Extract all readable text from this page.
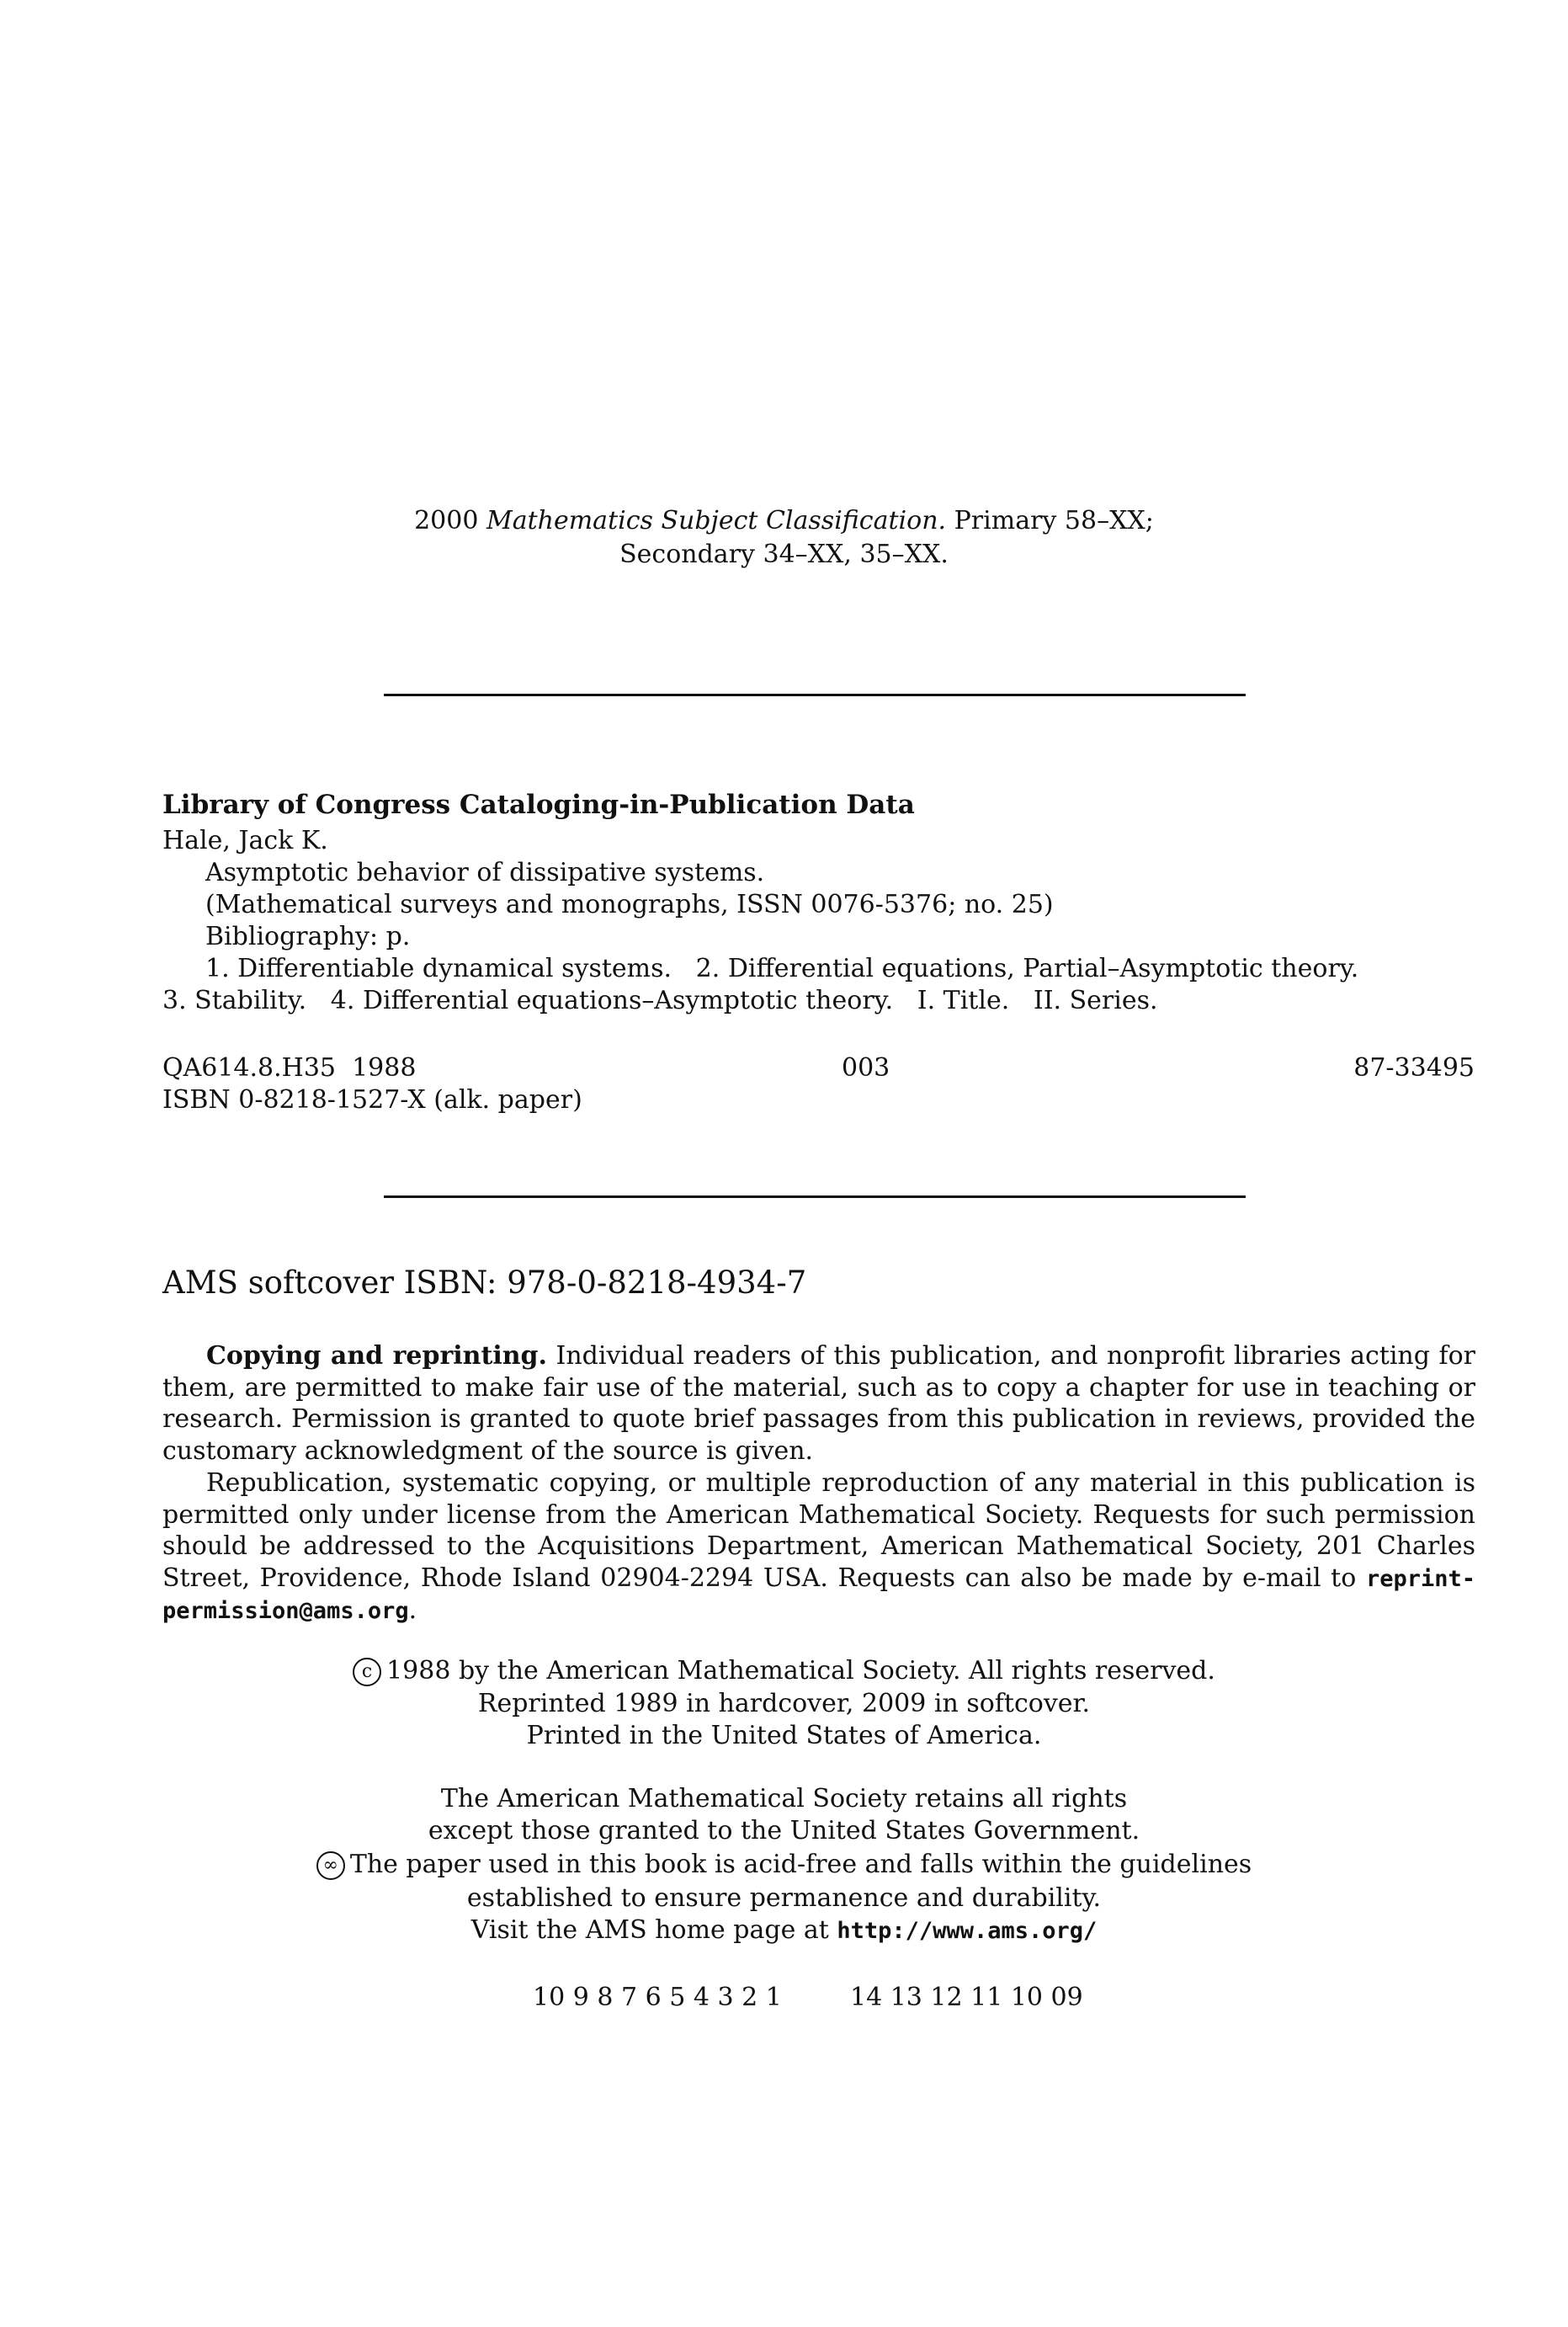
2000 Mathematics Subject Classification. Primary 58–XX;
Secondary 34–XX, 35–XX.
Library of Congress Cataloging-in-Publication Data
Hale, Jack K.
Asymptotic behavior of dissipative systems.
(Mathematical surveys and monographs, ISSN 0076-5376; no. 25)
Bibliography: p.
1. Differentiable dynamical systems.   2. Differential equations, Partial–Asymptotic theory.
3. Stability.   4. Differential equations–Asymptotic theory.   I. Title.   II. Series.
QA614.8.H35  1988	003	87-33495
ISBN 0-8218-1527-X (alk. paper)
AMS softcover ISBN: 978-0-8218-4934-7
Copying and reprinting. Individual readers of this publication, and nonprofit libraries acting for them, are permitted to make fair use of the material, such as to copy a chapter for use in teaching or research. Permission is granted to quote brief passages from this publication in reviews, provided the customary acknowledgment of the source is given.
Republication, systematic copying, or multiple reproduction of any material in this publication is permitted only under license from the American Mathematical Society. Requests for such permission should be addressed to the Acquisitions Department, American Mathematical Society, 201 Charles Street, Providence, Rhode Island 02904-2294 USA. Requests can also be made by e-mail to reprint-permission@ams.org.
c 1988 by the American Mathematical Society. All rights reserved.
Reprinted 1989 in hardcover, 2009 in softcover.
Printed in the United States of America.
The American Mathematical Society retains all rights
except those granted to the United States Government.
∞ The paper used in this book is acid-free and falls within the guidelines
established to ensure permanence and durability.
Visit the AMS home page at http://www.ams.org/
10 9 8 7 6 5 4 3 2 1	14 13 12 11 10 09
